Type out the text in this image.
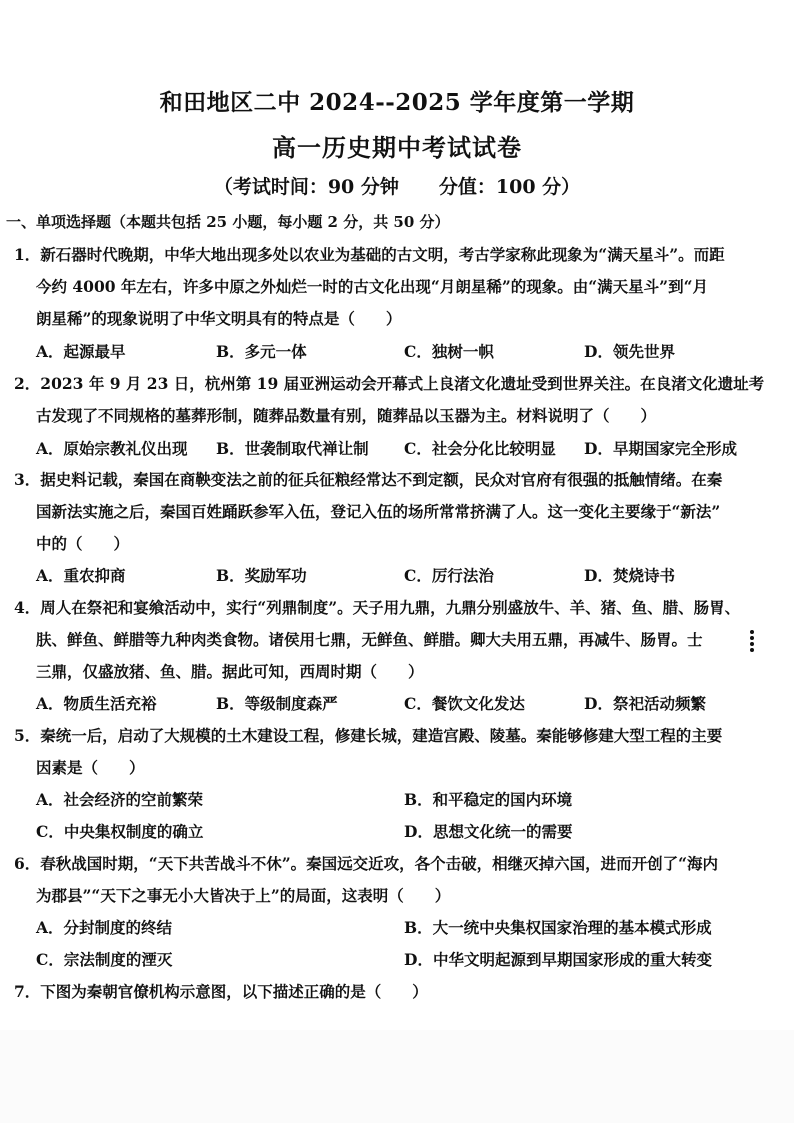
和田地区二中 2024--2025 学年度第一学期
高一历史期中考试试卷
（考试时间：90 分钟 分值：100 分）
一、单项选择题（本题共包括 25 小题，每小题 2 分，共 50 分）
1．新石器时代晚期，中华大地出现多处以农业为基础的古文明，考古学家称此现象为“满天星斗”。而距
今约 4000 年左右，许多中原之外灿烂一时的古文化出现“月朗星稀”的现象。由“满天星斗”到“月
朗星稀”的现象说明了中华文明具有的特点是（　　）
A．起源最早	B．多元一体	C．独树一帜	D．领先世界
2．2023 年 9 月 23 日，杭州第 19 届亚洲运动会开幕式上良渚文化遗址受到世界关注。在良渚文化遗址考
古发现了不同规格的墓葬形制，随葬品数量有别，随葬品以玉器为主。材料说明了（　　）
A．原始宗教礼仪出现 B．世袭制取代禅让制 C．社会分化比较明显 D．早期国家完全形成
3．据史料记载，秦国在商鞅变法之前的征兵征粮经常达不到定额，民众对官府有很强的抵触情绪。在秦
国新法实施之后，秦国百姓踊跃参军入伍，登记入伍的场所常常挤满了人。这一变化主要缘于“新法”
中的（　　）
A．重农抑商	B．奖励军功	C．厉行法治	D．焚烧诗书
4．周人在祭祀和宴飨活动中，实行“列鼎制度”。天子用九鼎，九鼎分别盛放牛、羊、猪、鱼、腊、肠胃、
肤、鲜鱼、鲜腊等九种肉类食物。诸侯用七鼎，无鲜鱼、鲜腊。卿大夫用五鼎，再减牛、肠胃。士
三鼎，仅盛放猪、鱼、腊。据此可知，西周时期（　　）
A．物质生活充裕	B．等级制度森严	C．餐饮文化发达	D．祭祀活动频繁
5．秦统一后，启动了大规模的土木建设工程，修建长城，建造宫殿、陵墓。秦能够修建大型工程的主要
因素是（　　）
A．社会经济的空前繁荣	B．和平稳定的国内环境
C．中央集权制度的确立	D．思想文化统一的需要
6．春秋战国时期，“天下共苦战斗不休”。秦国远交近攻，各个击破，相继灭掉六国，进而开创了“海内
为郡县”“天下之事无小大皆决于上”的局面，这表明（　　）
A．分封制度的终结	B．大一统中央集权国家治理的基本模式形成
C．宗法制度的湮灭	D．中华文明起源到早期国家形成的重大转变
7．下图为秦朝官僚机构示意图，以下描述正确的是（　　）
